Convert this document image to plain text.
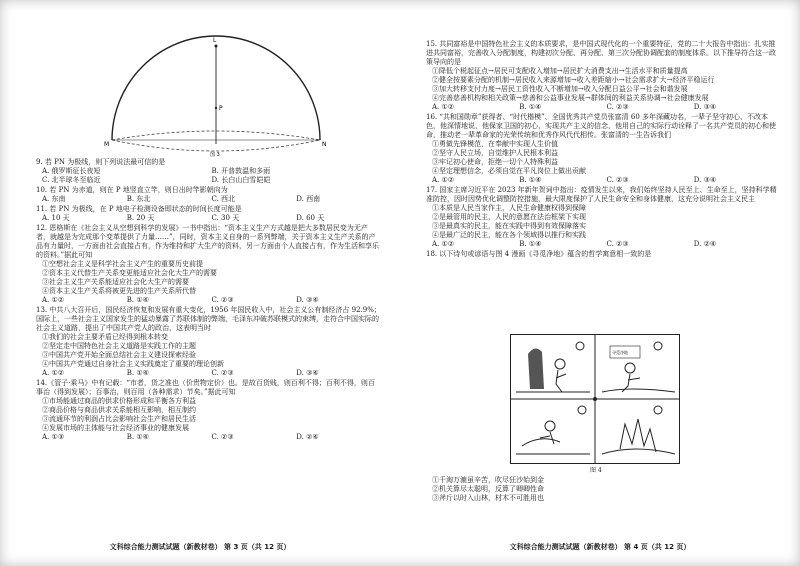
L
P
M	N
图 3
9. 若 PN 为极线，则下列说法最可信的是
A. 俄罗斯征长夜短	B. 开普敦温和多雨
C. 北半球冬至临近	D. 长白山白雪皑皑
10. 若 PN 为赤道，则在 P 地竖直立竿，则日出时竿影朝向为
A. 东南	B. 东北	C. 西北	D. 西南
11. 若 PN 为极线，在 P 地电子检测设备即状态的时间长度可能是
A. 10 天	B. 20 天	C. 30 天	D. 60 天
12. 恩格斯在《社会主义从空想到科学的发展》一书中指出：“资本主义生产方式越是把大多数居民变为无产者，就越是为完成那个变革提供了力量……”，同时，资本主义自身的一系列弊端，关于资本主义生产关系的产品有力量时，一方面由社会直接占有，作为维持和扩大生产的资料，另一方面由个人直接占有，作为生活和享乐的资料。”据此可知
①空想社会主义是科学社会主义产生的重要历史前提
②资本主义代替生产关系变更能适应社会化大生产的需要
③社会主义生产关系能适应社会化大生产的需要
④资本主义生产关系将被更先进的生产关系所代替
A. ①②	B. ①④	C. ②③	D. ③④
13. 中共八大召开后，国民经济恢复和发展有重大变化，1956 年国民收入中，社会主义公有制经济占 92.9%；国际上，一些社会主义国家发生的猛动暴露了苏联体制的弊端，毛泽东冲破苏联模式的束缚，走符合中国实际的社会主义道路，提出了中国共产党人的政治，这表明当时
①我们的社会主要矛盾已经得到根本转变
②坚定走中国特色社会主义道路是实践工作的主题
③中国共产党开始全面总结社会主义建设探索经验
④中国共产党通过自身社会主义实践奠定了重要的理论创新
A. ①②	B. ①④	C. ②③	D. ③④
14.《管子·乘马》中有记载：“市者，货之准也（价贵物定价）也。是故百货贱，则百利不得；百利不得，则百事治（得到发展）；百事治，则百用（各种需求）节矣。”据此可知
①市场能通过商品的供求价格形成和平衡各方利益
②商品价格与商品供求关系能相互影响，相互制约
③流通环节的利润占比会影响社会生产和居民生活
④发展市场的主体能与社会经济事业的健康发展
A. ①③	B. ①④	C. ②③	D. ②④
文科综合能力测试试题（新教材卷） 第 3 页（共 12 页）
15. 共同富裕是中国特色社会主义的本质要求，是中国式现代化的一个重要特征，党的二十大报告中指出：扎实推进共同富裕，完善收入分配制度，构建初次分配、再分配、第三次分配协调配套的制度体系。以下推导符合这一政策导向的是
①降低个税起征点→居民可支配收入增加→居民扩大消费支出→生活水平和质量提高
②健全按要素分配的机制→居民收入来源增加→收入差距缩小→社会需求扩大→经济平稳运行
③加大转移支付力度→居民工资性收入不断增加→收入分配日益公平→社会和谐发展
④完善慈善机构和相关政策→慈善和公益事业发展→群体间的利益关系协调→社会健康发展
A. ①②	B. ①④	C. ②③	D. ③④
16. “共和国勋章”获得者、“时代楷模”、全国优秀共产党员张富清 60 多年深藏功名，一辈子坚守初心、不改本色，他深情地说，他保家卫国的初心，实现共产主义的信念，他用自己的实际行动诠释了一名共产党员的初心和使命，推动老一辈革命家的光荣传统和优秀作风代代相传。张富清的一生告诉我们
①勇做先锋模范，在奉献中实现人生价值
②坚守人民立场，自觉维护人民根本利益
③牢记初心使命，拒绝一切个人特殊利益
④坚定理想信念，必须自觉在平凡岗位上做出贡献
A. ①②	B. ①④	C. ②③	D. ③④
17. 国家主席习近平在 2023 年新年贺词中指出：疫情发生以来，我们始终坚持人民至上、生命至上，坚持科学精准防控，因时因势优化调整防控措施，最大限度保护了人民生命安全和身体健康，这充分说明社会主义民主
①本质是人民当家作主，人民生命健康权得到保障
②是最管用的民主，人民的意愿在法治框架下实现
③是最真实的民主，能在实践中得到有效保障落实
④是最广泛的民主，能在各个领域得以推行和实践
A. ①②	B. ①④	C. ②③	D. ②④
18. 以下诗句或谚语与图 4 漫画《寻觅净地》蕴含的哲学寓意相一致的是
寻觅净地
图 4
①千淘万漉虽辛苦，吹尽狂沙始到金
②机关算尽太聪明，反算了卿卿性命
③斧斤以时入山林，材木不可胜用也
文科综合能力测试试题（新教材卷） 第 4 页（共 12 页）
